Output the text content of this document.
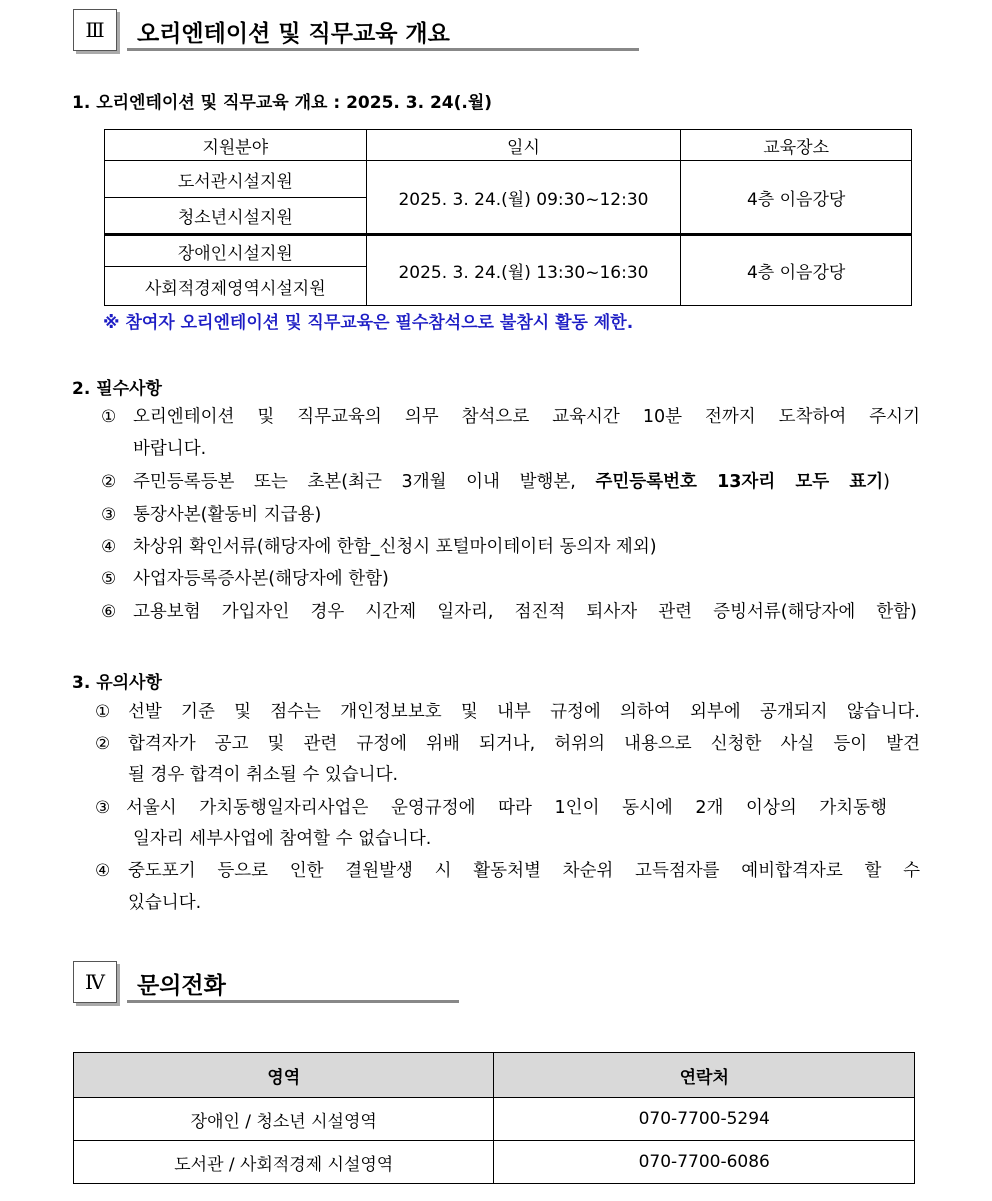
Ⅲ	오리엔테이션 및 직무교육 개요
1. 오리엔테이션 및 직무교육 개요 : 2025. 3. 24(.월)
지원분야	일시	교육장소
도서관시설지원	2025. 3. 24.(월) 09:30~12:30	4층 이음강당
청소년시설지원		
장애인시설지원	2025. 3. 24.(월) 13:30~16:30	4층 이음강당
사회적경제영역시설지원		
※ 참여자 오리엔테이션 및 직무교육은 필수참석으로 불참시 활동 제한.
2. 필수사항
① 오리엔테이션 및 직무교육의 의무 참석으로 교육시간 10분 전까지 도착하여 주시기
바랍니다.
② 주민등록등본 또는 초본(최근 3개월 이내 발행본, 주민등록번호 13자리 모두 표기)
③ 통장사본(활동비 지급용)
④ 차상위 확인서류(해당자에 한함_신청시 포털마이테이터 동의자 제외)
⑤ 사업자등록증사본(해당자에 한함)
⑥ 고용보험 가입자인 경우 시간제 일자리, 점진적 퇴사자 관련 증빙서류(해당자에 한함)
3. 유의사항
① 선발 기준 및 점수는 개인정보보호 및 내부 규정에 의하여 외부에 공개되지 않습니다.
② 합격자가 공고 및 관련 규정에 위배 되거나, 허위의 내용으로 신청한 사실 등이 발견
될 경우 합격이 취소될 수 있습니다.
③ 서울시 가치동행일자리사업은 운영규정에 따라 1인이 동시에 2개 이상의 가치동행
일자리 세부사업에 참여할 수 없습니다.
④ 중도포기 등으로 인한 결원발생 시 활동처별 차순위 고득점자를 예비합격자로 할 수
있습니다.
Ⅳ	문의전화
영역	연락처
장애인 / 청소년 시설영역	070-7700-5294
도서관 / 사회적경제 시설영역	070-7700-6086
